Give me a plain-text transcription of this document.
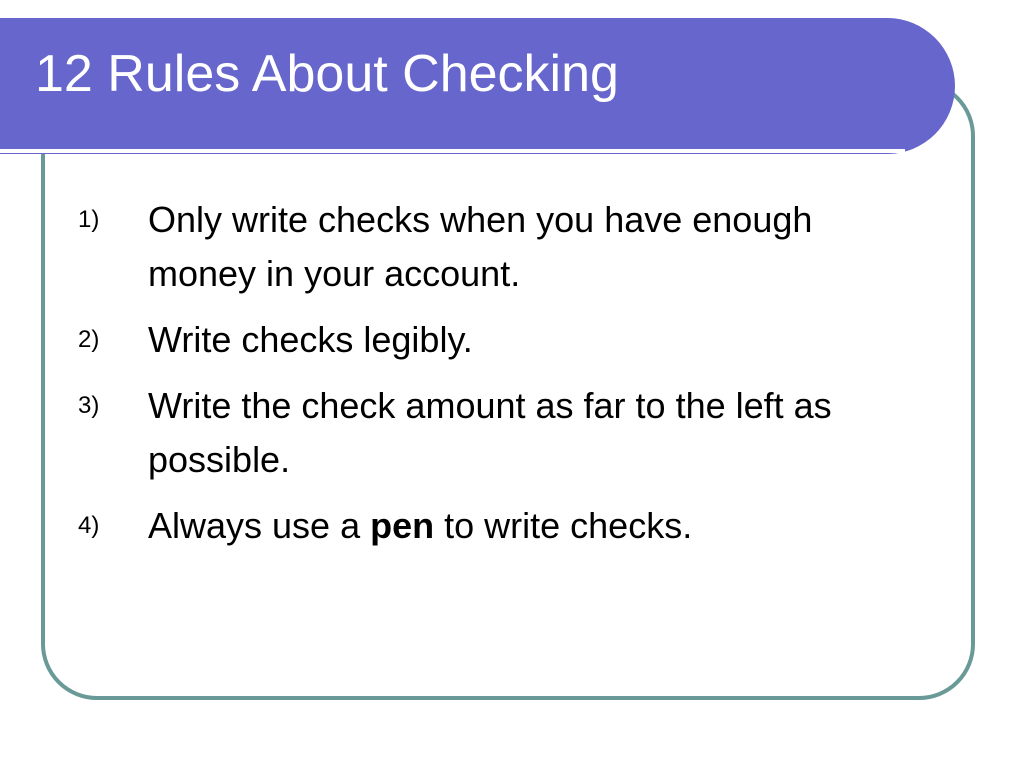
12 Rules About Checking
1)	Only write checks when you have enough money in your account.
2)	Write checks legibly.
3)	Write the check amount as far to the left as possible.
4)	Always use a pen to write checks.
